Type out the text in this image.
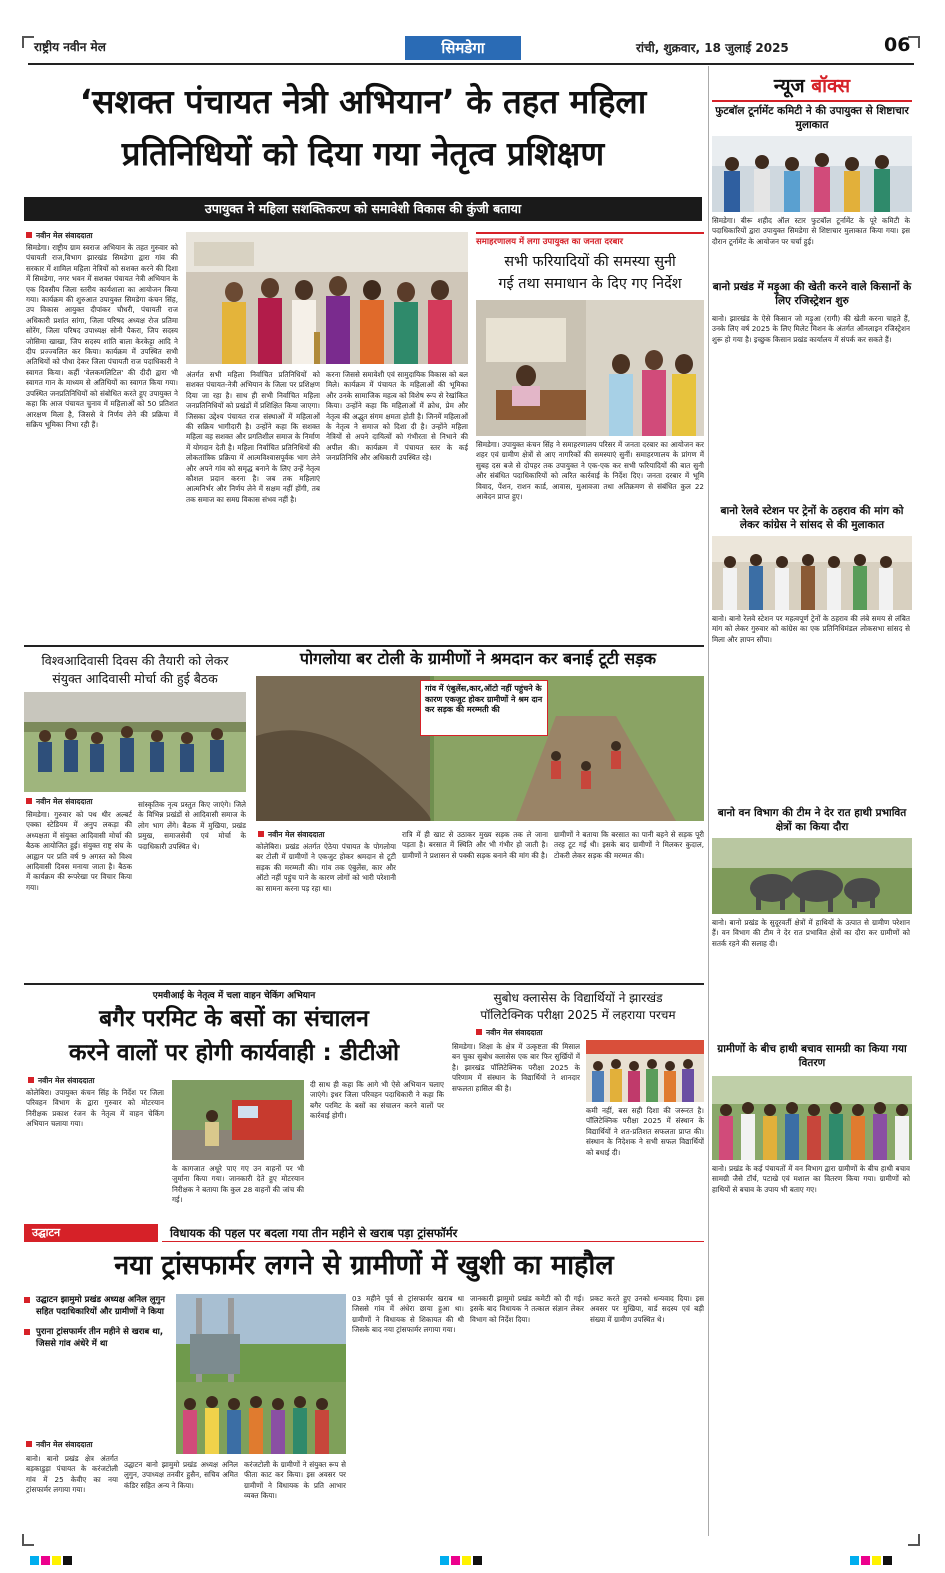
राष्ट्रीय नवीन मेल	सिमडेगा	रांची, शुक्रवार, 18 जुलाई 2025	06
‘सशक्त पंचायत नेत्री अभियान’ के तहत महिला
प्रतिनिधियों को दिया गया नेतृत्व प्रशिक्षण
उपायुक्त ने महिला सशक्तिकरण को समावेशी विकास की कुंजी बताया
नवीन मेल संवाददाता
सिमडेगा। राष्ट्रीय ग्राम स्वराज अभियान के तहत गुरुवार को पंचायती राज,विभाग झारखंड सिमडेगा द्वारा गांव की सरकार में शामिल महिला नेत्रियों को सशक्त करने की दिशा में सिमडेगा, नगर भवन में सशक्त पंचायत नेत्री अभियान के एक दिवसीय जिला स्तरीय कार्यशाला का आयोजन किया गया। कार्यक्रम की शुरुआत उपायुक्त सिमडेगा कंचन सिंह, उप विकास आयुक्त दीपांकर चौधरी, पंचायती राज अधिकारी प्रशांत सांगा, जिला परिषद अध्यक्ष रोज प्रतिमा सोरेंग, जिला परिषद उपाध्यक्ष सोनी पैकरा, जिप सदस्य जोसिमा खाखा, जिप सदस्य शांति बाला केरकेट्टा आदि ने दीप प्रज्ज्वलित कर किया। कार्यक्रम में उपस्थित सभी अतिथियों को पौधा देकर जिला पंचायती राज पदाधिकारी ने स्वागत किया। कहीं 'वेलकमलिटिल' की दीदी द्वारा भी स्वागत गान के माध्यम से अतिथियों का स्वागत किया गया। उपस्थित जनप्रतिनिधियों को संबोधित करते हुए उपायुक्त ने कहा कि आज पंचायत चुनाव में महिलाओं को 50 प्रतिशत आरक्षण मिला है, जिससे वे निर्णय लेने की प्रक्रिया में सक्रिय भूमिका निभा रही हैं।
अंतर्गत सभी महिला निर्वाचित प्रतिनिधियों को सशक्त पंचायत-नेत्री अभियान के जिला पर प्रशिक्षण दिया जा रहा है। साथ ही सभी निर्वाचित महिला जनप्रतिनिधियों को प्रखंडों में प्रशिक्षित किया जाएगा। जिसका उद्देश्य पंचायत राज संस्थाओं में महिलाओं की सक्रिय भागीदारी है। उन्होंने कहा कि सशक्त महिला वह सशक्त और प्रगतिशील समाज के निर्माण में योगदान देती है। महिला निर्वाचित प्रतिनिधियों की लोकतांत्रिक प्रक्रिया में आत्मविश्वासपूर्वक भाग लेने और अपने गांव को समृद्ध बनाने के लिए उन्हें नेतृत्व कौशल प्रदान करना है। जब तक महिलाएं आत्मनिर्भर और निर्णय लेने में सक्षम नहीं होंगी, तब तक समाज का समग्र विकास संभव नहीं है।
करना जिससे समावेशी एवं सामुदायिक विकास को बल मिले। कार्यक्रम में पंचायत के महिलाओं की भूमिका और उनके सामाजिक महत्व को विशेष रूप से रेखांकित किया। उन्होंने कहा कि महिलाओं में क्रोध, प्रेम और नेतृत्व की अद्भुत संगम क्षमता होती है। जिनमें महिलाओं के नेतृत्व ने समाज को दिशा दी है। उन्होंने महिला नेत्रियों से अपने दायित्वों को गंभीरता से निभाने की अपील की। कार्यक्रम में पंचायत स्तर के कई जनप्रतिनिधि और अधिकारी उपस्थित रहे।
समाहरणालय में लगा उपायुक्त का जनता दरबार
सभी फरियादियों की समस्या सुनी
गई तथा समाधान के दिए गए निर्देश
सिमडेगा। उपायुक्त कंचन सिंह ने समाहरणालय परिसर में जनता दरबार का आयोजन कर शहर एवं ग्रामीण क्षेत्रों से आए नागरिकों की समस्याएं सुनीं। समाहरणालय के प्रांगण में सुबह दस बजे से दोपहर तक उपायुक्त ने एक-एक कर सभी फरियादियों की बात सुनी और संबंधित पदाधिकारियों को त्वरित कार्रवाई के निर्देश दिए। जनता दरबार में भूमि विवाद, पेंशन, राशन कार्ड, आवास, मुआवजा तथा अतिक्रमण से संबंधित कुल 22 आवेदन प्राप्त हुए।
विश्वआदिवासी दिवस की तैयारी को लेकर
संयुक्त आदिवासी मोर्चा की हुई बैठक
नवीन मेल संवाददाता
सिमडेगा। गुरुवार को पथ थीर अल्बर्ट एक्का स्टेडियम में अनुप लकड़ा की अध्यक्षता में संयुक्त आदिवासी मोर्चा की बैठक आयोजित हुई। संयुक्त राष्ट्र संघ के आह्वान पर प्रति वर्ष 9 अगस्त को विश्व आदिवासी दिवस मनाया जाता है। बैठक में कार्यक्रम की रूपरेखा पर विचार किया गया।
सांस्कृतिक नृत्य प्रस्तुत किए जाएंगे। जिले के विभिन्न प्रखंडों से आदिवासी समाज के लोग भाग लेंगे। बैठक में मुखिया, प्रखंड प्रमुख, समाजसेवी एवं मोर्चा के पदाधिकारी उपस्थित थे।
पोगलोया बर टोली के ग्रामीणों ने श्रमदान कर बनाई टूटी सड़क
गांव में एंबुलेंस,कार,ऑटो नहीं पहुंचने के कारण एकजुट होकर ग्रामीणों ने श्रम दान कर सड़क की मरम्मती की
नवीन मेल संवाददाता
कोलेबिरा। प्रखंड अंतर्गत ऐठेया पंचायत के पोगलोया बर टोली में ग्रामीणों ने एकजुट होकर श्रमदान से टूटी सड़क की मरम्मती की। गांव तक एंबुलेंस, कार और ऑटो नहीं पहुंच पाने के कारण लोगों को भारी परेशानी का सामना करना पड़ रहा था।
रात्रि में ही खाट से उठाकर मुख्य सड़क तक ले जाना पड़ता है। बरसात में स्थिति और भी गंभीर हो जाती है। ग्रामीणों ने प्रशासन से पक्की सड़क बनाने की मांग की है।
ग्रामीणों ने बताया कि बरसात का पानी बहने से सड़क पूरी तरह टूट गई थी। इसके बाद ग्रामीणों ने मिलकर कुदाल, टोकरी लेकर सड़क की मरम्मत की।
एमवीआई के नेतृत्व में चला वाहन चेकिंग अभियान
बगैर परमिट के बसों का संचालन
करने वालों पर होगी कार्यवाही : डीटीओ
नवीन मेल संवाददाता
कोलेबिरा। उपायुक्त कंचन सिंह के निर्देश पर जिला परिवहन विभाग के द्वारा गुरुवार को मोटरयान निरीक्षक प्रकाश रंजन के नेतृत्व में वाहन चेकिंग अभियान चलाया गया।
के कागजात अधूरे पाए गए उन वाहनों पर भी जुर्माना किया गया। जानकारी देते हुए मोटरयान निरीक्षक ने बताया कि कुल 28 वाहनों की जांच की गई।
दी साथ ही कहा कि आगे भी ऐसे अभियान चलाए जाएंगे। इधर जिला परिवहन पदाधिकारी ने कहा कि बगैर परमिट के बसों का संचालन करने वालों पर कार्रवाई होगी।
सुबोध क्लासेस के विद्यार्थियों ने झारखंड
पॉलिटेक्निक परीक्षा 2025 में लहराया परचम
नवीन मेल संवाददाता
सिमडेगा। शिक्षा के क्षेत्र में उत्कृष्टता की मिसाल बन चुका सुबोध क्लासेस एक बार फिर सुर्खियों में है। झारखंड पॉलिटेक्निक परीक्षा 2025 के परिणाम में संस्थान के विद्यार्थियों ने शानदार सफलता हासिल की है।
कमी नहीं, बस सही दिशा की जरूरत है। पॉलिटेक्निक परीक्षा 2025 में संस्थान के विद्यार्थियों ने शत-प्रतिशत सफलता प्राप्त की। संस्थान के निदेशक ने सभी सफल विद्यार्थियों को बधाई दी।
उद्घाटन	विधायक की पहल पर बदला गया तीन महीने से खराब पड़ा ट्रांसफॉर्मर
नया ट्रांसफार्मर लगने से ग्रामीणों में खुशी का माहौल
उद्घाटन झामुमो प्रखंड अध्यक्ष अनिल लुगुन सहित पदाधिकारियों और ग्रामीणों ने किया
पुराना ट्रांसफार्मर तीन महीने से खराब था, जिससे गांव अंधेरे में था
नवीन मेल संवाददाता
बानो। बानो प्रखंड क्षेत्र अंतर्गत बड़काडुड़ा पंचायत के करंजटोली गांव में 25 केवीए का नया ट्रांसफार्मर लगाया गया।
उद्घाटन बानो झामुमो प्रखंड अध्यक्ष अनिल लुगुन, उपाध्यक्ष तनवीर हुसैन, सचिव अमित कंडिर सहित अन्य ने किया।
करंजटोली के ग्रामीणों ने संयुक्त रूप से फीता काट कर किया। इस अवसर पर ग्रामीणों ने विधायक के प्रति आभार व्यक्त किया।
03 महीने पूर्व से ट्रांसफार्मर खराब था जिससे गांव में अंधेरा छाया हुआ था। ग्रामीणों ने विधायक से शिकायत की थी जिसके बाद नया ट्रांसफार्मर लगाया गया।
जानकारी झामुमो प्रखंड कमेटी को दी गई। इसके बाद विधायक ने तत्काल संज्ञान लेकर विभाग को निर्देश दिया।
प्रकट करते हुए उनको धन्यवाद दिया। इस अवसर पर मुखिया, वार्ड सदस्य एवं बड़ी संख्या में ग्रामीण उपस्थित थे।
न्यूज बॉक्स
फुटबॉल टूर्नामेंट कमिटी ने की उपायुक्त से शिष्टाचार मुलाकात
सिमडेगा। बीरू शहीद ऑल स्टार फुटबॉल टूर्नामेंट के पूरे कमिटी के पदाधिकारियों द्वारा उपायुक्त सिमडेगा से शिष्टाचार मुलाकात किया गया। इस दौरान टूर्नामेंट के आयोजन पर चर्चा हुई।
बानो प्रखंड में मड़ुआ की खेती करने वाले किसानों के लिए रजिस्ट्रेशन शुरु
बानो। झारखंड के ऐसे किसान जो मड़ुआ (रागी) की खेती करना चाहते हैं, उनके लिए वर्ष 2025 के लिए मिलेट मिशन के अंतर्गत ऑनलाइन रजिस्ट्रेशन शुरू हो गया है। इच्छुक किसान प्रखंड कार्यालय में संपर्क कर सकते हैं।
बानो रेलवे स्टेशन पर ट्रेनों के ठहराव की मांग को लेकर कांग्रेस ने सांसद से की मुलाकात
बानो। बानो रेलवे स्टेशन पर महत्वपूर्ण ट्रेनों के ठहराव की लंबे समय से लंबित मांग को लेकर गुरुवार को कांग्रेस का एक प्रतिनिधिमंडल लोकसभा सांसद से मिला और ज्ञापन सौंपा।
बानो वन विभाग की टीम ने देर रात हाथी प्रभावित क्षेत्रों का किया दौरा
बानो। बानो प्रखंड के सुदूरवर्ती क्षेत्रों में हाथियों के उत्पात से ग्रामीण परेशान हैं। वन विभाग की टीम ने देर रात प्रभावित क्षेत्रों का दौरा कर ग्रामीणों को सतर्क रहने की सलाह दी।
ग्रामीणों के बीच हाथी बचाव सामग्री का किया गया वितरण
बानो। प्रखंड के कई पंचायतों में वन विभाग द्वारा ग्रामीणों के बीच हाथी बचाव सामग्री जैसे टॉर्च, पटाखे एवं मशाल का वितरण किया गया। ग्रामीणों को हाथियों से बचाव के उपाय भी बताए गए।
